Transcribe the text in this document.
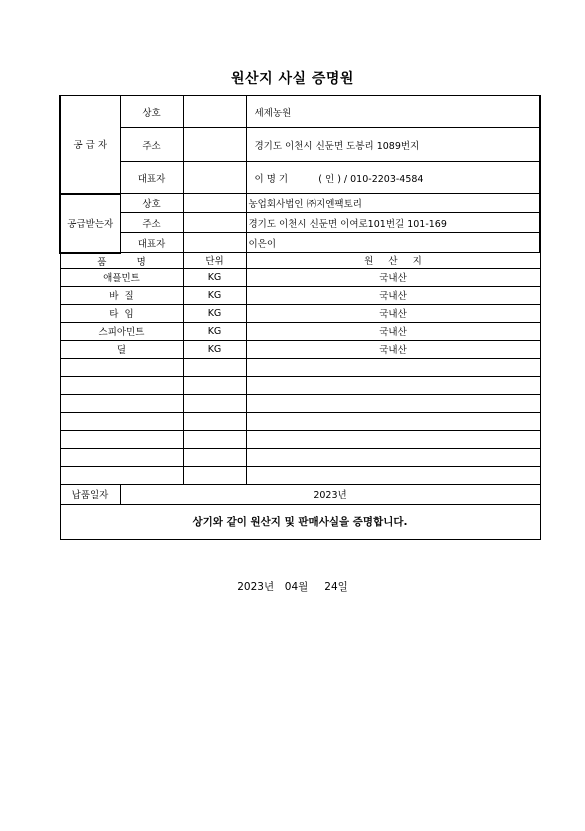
원산지 사실 증명원
공 급 자	상호		세제농원
	주소		경기도 이천시 신둔면 도봉리 1089번지
	대표자		이 명 기          ( 인 ) / 010-2203-4584
공급받는자	상호		농업회사법인 ㈜지엔팩토리
	주소		경기도 이천시 신둔면 이여로101번길 101-169
	대표자		이은이
품          명		단위	원     산     지
애플민트		KG	국내산
바  질		KG	국내산
타  임		KG	국내산
스피아민트		KG	국내산
딜		KG	국내산

납품일자	2023년		
상기와 같이 원산지 및 판매사실을 증명합니다.			
2023년  04월   24일
